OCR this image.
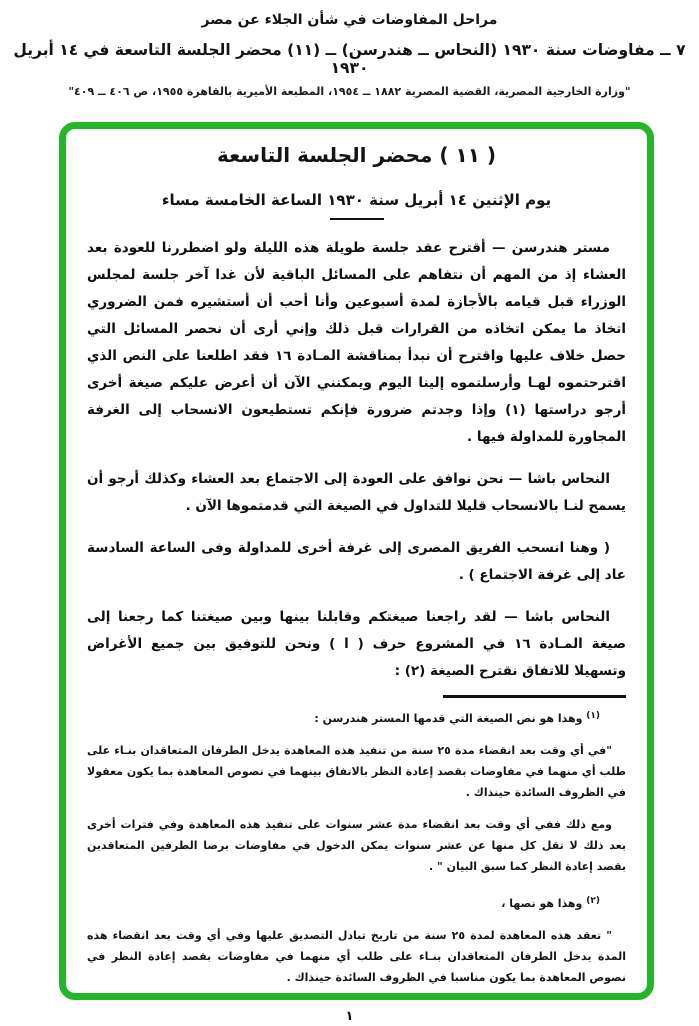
مراحل المفاوضات في شأن الجلاء عن مصر
٧ ــ مفاوضات سنة ١٩٣٠ (النحاس ــ هندرسن) ــ (١١) محضر الجلسة التاسعة في ١٤ أبريل ١٩٣٠
"وزارة الخارجية المصرية، القضية المصرية ١٨٨٢ ــ ١٩٥٤، المطبعة الأميرية بالقاهرة ١٩٥٥، ص ٤٠٦ ــ ٤٠٩"
( ١١ ) محضر الجلسة التاسعة
يوم الإثنين ١٤ أبريل سنة ١٩٣٠ الساعة الخامسة مساء

مستر هندرسن — أقترح عقد جلسة طويلة هذه الليلة ولو اضطررنا للعودة بعد العشاء إذ من المهم أن نتفاهم على المسائل الباقية لأن غدا آخر جلسة لمجلس الوزراء قبل قيامه بالأجازة لمدة أسبوعين وأنا أحب أن أستشيره فمن الضروري اتخاذ ما يمكن اتخاذه من القرارات قبل ذلك وإني أرى أن نحصر المسائل التي حصل خلاف عليها واقترح أن نبدأ بمناقشة المـادة ١٦ فقد اطلعنا على النص الذي اقترحتموه لهـا وأرسلتموه إلينا اليوم ويمكنني الآن أن أعرض عليكم صيغة أخرى أرجو دراستها (١) وإذا وجدتم ضرورة فإنكم تستطيعون الانسحاب إلى الغرفة المجاورة للمداولة فيها .

النحاس باشا — نحن نوافق على العودة إلى الاجتماع بعد العشاء وكذلك أرجو أن يسمح لنـا بالانسحاب قليلا للتداول في الصيغة التي قدمتموها الآن .

( وهنا انسحب الفريق المصرى إلى غرفة أخرى للمداولة وفى الساعة السادسة عاد إلى غرفة الاجتماع ) .

النحاس باشا — لقد راجعنا صيغتكم وقابلنا بينها وبين صيغتنا كما رجعنا إلى صيغة المـادة ١٦ في المشروع حرف ( ا ) ونحن للتوفيق بين جميع الأغراض وتسهيلا للاتفاق نقترح الصيغة (٢) :

$^{(١)}$ وهذا هو نص الصيغة التي قدمها المستر هندرسن :

"في أي وقت بعد انقضاء مدة ٢٥ سنة من تنفيذ هذه المعاهدة يدخل الطرفان المتعاقدان بنـاء على طلب أي منهما في مفاوضات بقصد إعادة النظر بالاتفاق بينهما في نصوص المعاهدة بما يكون معقولا في الظروف السائدة حينذاك .

ومع ذلك ففي أي وقت بعد انقضاء مدة عشر سنوات على تنفيذ هذه المعاهدة وفي فترات أخرى بعد ذلك لا تقل كل منها عن عشر سنوات يمكن الدخول في مفاوضات برضا الطرفين المتعاقدين بقصد إعادة النظر كما سبق البيان " .

$^{(٢)}$ وهذا هو نصها ،

" تعقد هذه المعاهدة لمدة ٢٥ سنة من تاريخ تبادل التصديق عليها وفي أي وقت بعد انقضاء هذه المدة يدخل الطرفان المتعاقدان بنـاء على طلب أي منهما في مفاوضات بقصد إعادة النظر في نصوص المعاهدة بما يكون مناسبا في الظروف السائدة حينذاك .

١
